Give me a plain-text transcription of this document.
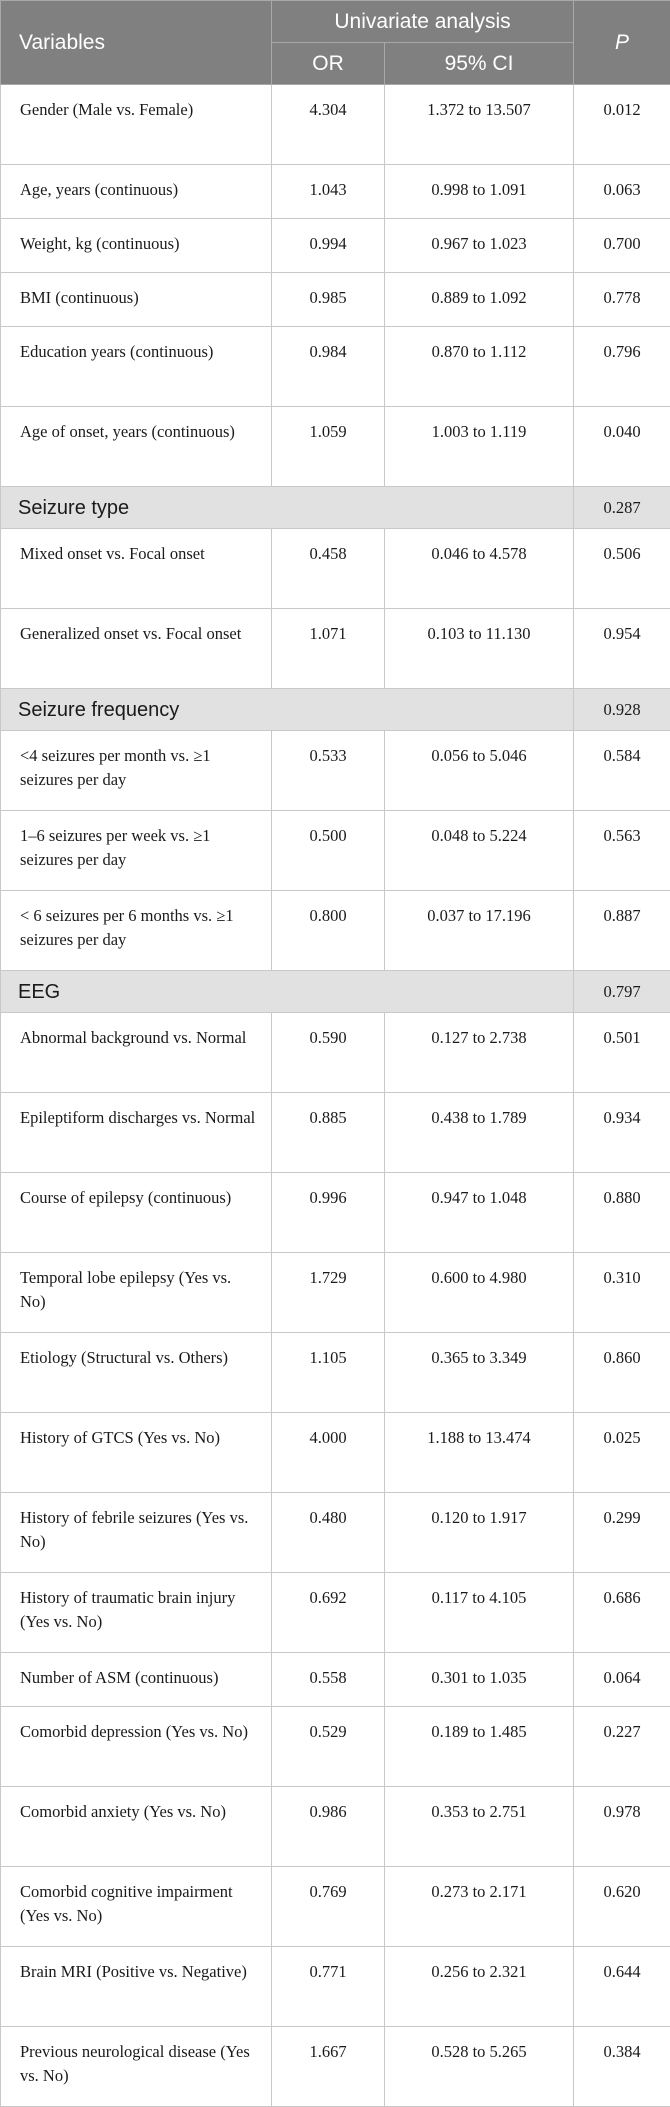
Variables	Univariate analysis		P
	OR	95% CI	
Gender (Male vs. Female)	4.304	1.372 to 13.507	0.012
Age, years (continuous)	1.043	0.998 to 1.091	0.063
Weight, kg (continuous)	0.994	0.967 to 1.023	0.700
BMI (continuous)	0.985	0.889 to 1.092	0.778
Education years (continuous)	0.984	0.870 to 1.112	0.796
Age of onset, years (continuous)	1.059	1.003 to 1.119	0.040
Seizure type			0.287
Mixed onset vs. Focal onset	0.458	0.046 to 4.578	0.506
Generalized onset vs. Focal onset	1.071	0.103 to 11.130	0.954
Seizure frequency			0.928
<4 seizures per month vs. ≥1 seizures per day	0.533	0.056 to 5.046	0.584
1–6 seizures per week vs. ≥1 seizures per day	0.500	0.048 to 5.224	0.563
< 6 seizures per 6 months vs. ≥1 seizures per day	0.800	0.037 to 17.196	0.887
EEG			0.797
Abnormal background vs. Normal	0.590	0.127 to 2.738	0.501
Epileptiform discharges vs. Normal	0.885	0.438 to 1.789	0.934
Course of epilepsy (continuous)	0.996	0.947 to 1.048	0.880
Temporal lobe epilepsy (Yes vs. No)	1.729	0.600 to 4.980	0.310
Etiology (Structural vs. Others)	1.105	0.365 to 3.349	0.860
History of GTCS (Yes vs. No)	4.000	1.188 to 13.474	0.025
History of febrile seizures (Yes vs. No)	0.480	0.120 to 1.917	0.299
History of traumatic brain injury (Yes vs. No)	0.692	0.117 to 4.105	0.686
Number of ASM (continuous)	0.558	0.301 to 1.035	0.064
Comorbid depression (Yes vs. No)	0.529	0.189 to 1.485	0.227
Comorbid anxiety (Yes vs. No)	0.986	0.353 to 2.751	0.978
Comorbid cognitive impairment (Yes vs. No)	0.769	0.273 to 2.171	0.620
Brain MRI (Positive vs. Negative)	0.771	0.256 to 2.321	0.644
Previous neurological disease (Yes vs. No)	1.667	0.528 to 5.265	0.384
